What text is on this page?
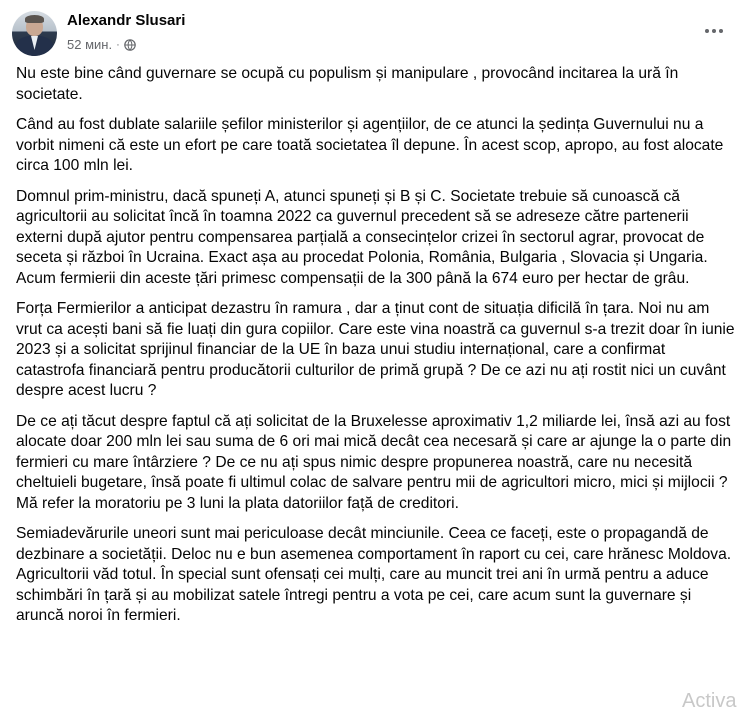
Alexandr Slusari
52 мин. ·

Nu este bine când guvernare se ocupă cu populism și manipulare , provocând incitarea la ură în societate.

Când au fost dublate salariile șefilor ministerilor și agențiilor, de ce atunci la ședința Guvernului nu a vorbit nimeni că este un efort pe care toată societatea îl depune. În acest scop, apropo, au fost alocate circa 100 mln lei.

Domnul prim-ministru, dacă spuneți A, atunci spuneți și B și C. Societate trebuie să cunoască că agricultorii au solicitat încă în toamna 2022 ca guvernul precedent să se adreseze către partenerii externi după ajutor pentru compensarea parțială a consecințelor crizei în sectorul agrar, provocat de seceta și război în Ucraina. Exact așa au procedat Polonia, România, Bulgaria , Slovacia și Ungaria. Acum fermierii din aceste țări primesc compensații de la 300 până la 674 euro per hectar de grâu.

Forța Fermierilor a anticipat dezastru în ramura , dar a ținut cont de situația dificilă în țara. Noi nu am vrut ca acești bani să fie luați din gura copiilor. Care este vina noastră ca guvernul s-a trezit doar în iunie 2023 și a solicitat sprijinul financiar de la UE în baza unui studiu internațional, care a confirmat catastrofa financiară pentru producătorii culturilor de primă grupă ? De ce azi nu ați rostit nici un cuvânt despre acest lucru ?

De ce ați tăcut despre faptul că ați solicitat de la Bruxelesse aproximativ 1,2 miliarde lei, însă azi au fost alocate doar 200 mln lei sau suma de 6 ori mai mică decât cea necesară și care ar ajunge la o parte din fermieri cu mare întârziere ? De ce nu ați spus nimic despre propunerea noastră, care nu necesită cheltuieli bugetare, însă poate fi ultimul colac de salvare pentru mii de agricultori micro, mici și mijlocii ? Mă refer la moratoriu pe 3 luni la plata datoriilor față de creditori.

Semiadevărurile uneori sunt mai periculoase decât minciunile. Ceea ce faceți, este o propagandă de dezbinare a societății. Deloc nu e bun asemenea comportament în raport cu cei, care hrănesc Moldova. Agricultorii văd totul. În special sunt ofensați cei mulți, care au muncit trei ani în urmă pentru a aduce schimbări în țară și au mobilizat satele întregi pentru a vota pe cei, care acum sunt la guvernare și aruncă noroi în fermieri.

Activa
